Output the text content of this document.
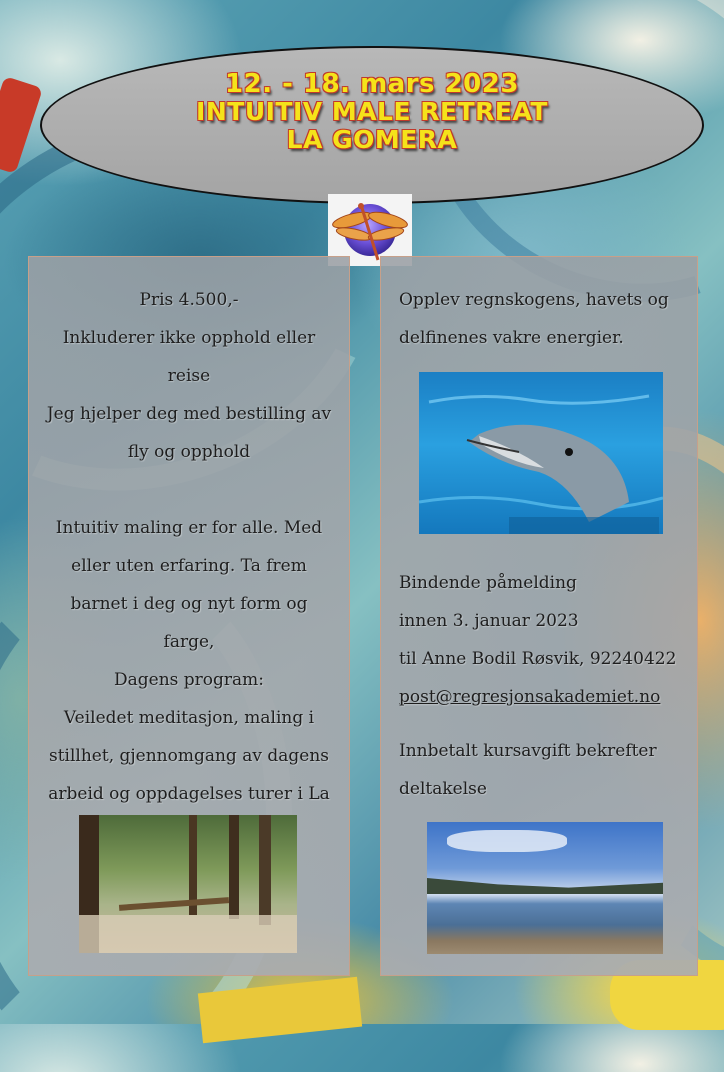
12. - 18. mars 2023
INTUITIV MALE RETREAT
LA GOMERA
Pris 4.500,-
Inkluderer ikke opphold eller
reise
Jeg hjelper deg med bestilling av
fly og opphold
Intuitiv maling er for alle. Med
eller uten erfaring. Ta frem
barnet i deg og nyt form og farge,
Dagens program:
Veiledet meditasjon, maling i
stillhet, gjennomgang av dagens
arbeid og oppdagelses turer i La
Opplev regnskogens, havets og
delfinenes vakre energier.
Bindende påmelding
innen 3. januar 2023
til Anne Bodil Røsvik, 92240422
post@regresjonsakademiet.no
Innbetalt kursavgift bekrefter
deltakelse
